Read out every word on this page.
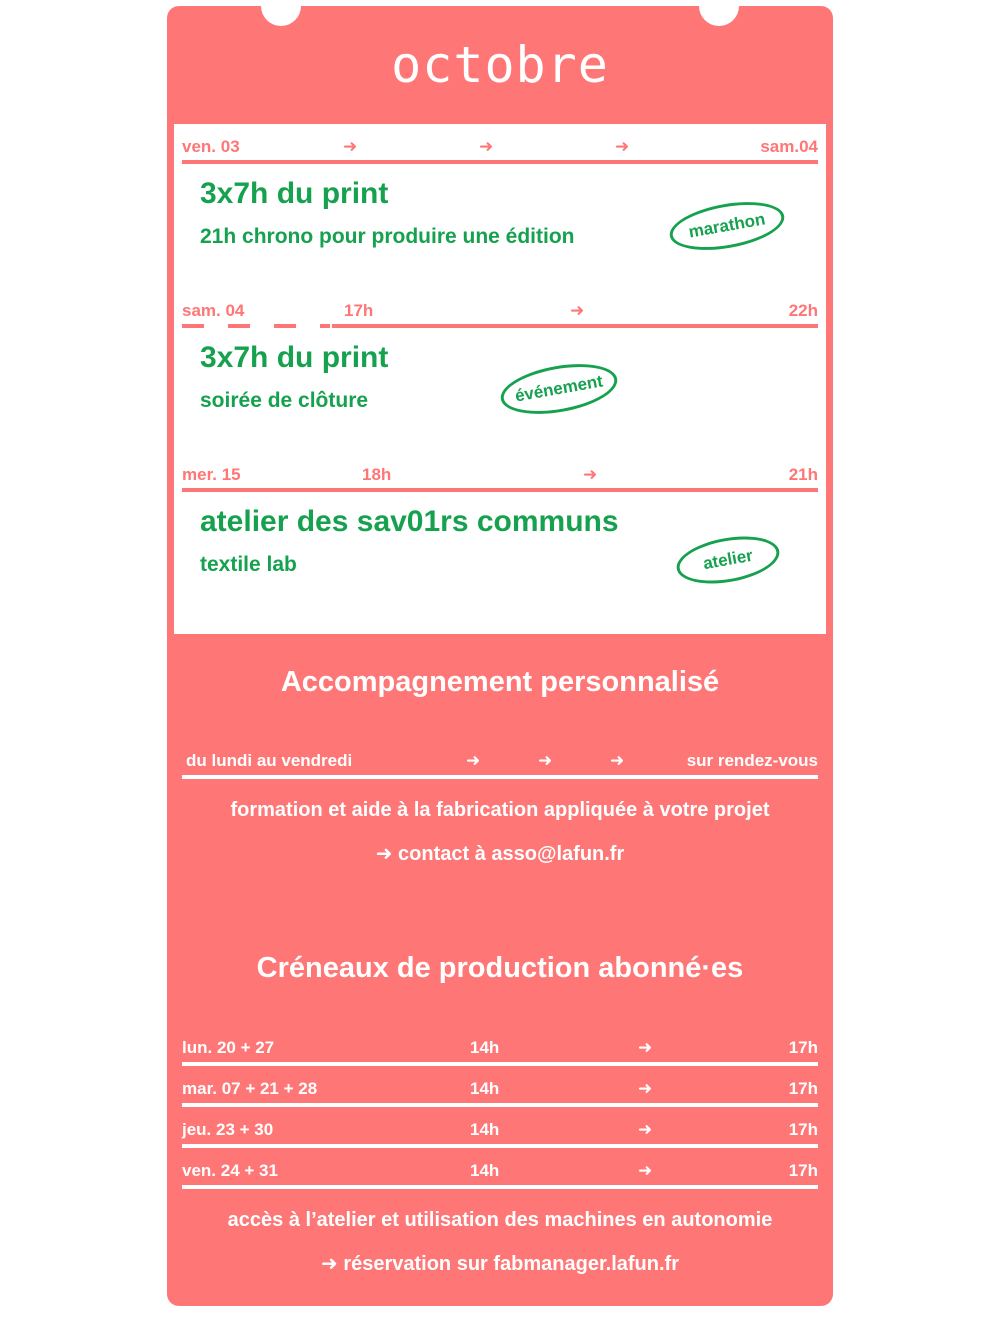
octobre
ven. 03	➜	➜	➜	sam.04
3x7h du print
21h chrono pour produire une édition	marathon
sam. 04	17h	➜	22h
3x7h du print
soirée de clôture	événement
mer. 15	18h	➜	21h
atelier des sav01rs communs
textile lab	atelier
Accompagnement personnalisé
du lundi au vendredi	➜	➜	➜	sur rendez-vous
formation et aide à la fabrication appliquée à votre projet
➜ contact à asso@lafun.fr
Créneaux de production abonné·es
lun. 20 + 27	14h	➜	17h
mar. 07 + 21 + 28	14h	➜	17h
jeu. 23 + 30	14h	➜	17h
ven. 24 + 31	14h	➜	17h
accès à l’atelier et utilisation des machines en autonomie
➜ réservation sur fabmanager.lafun.fr
